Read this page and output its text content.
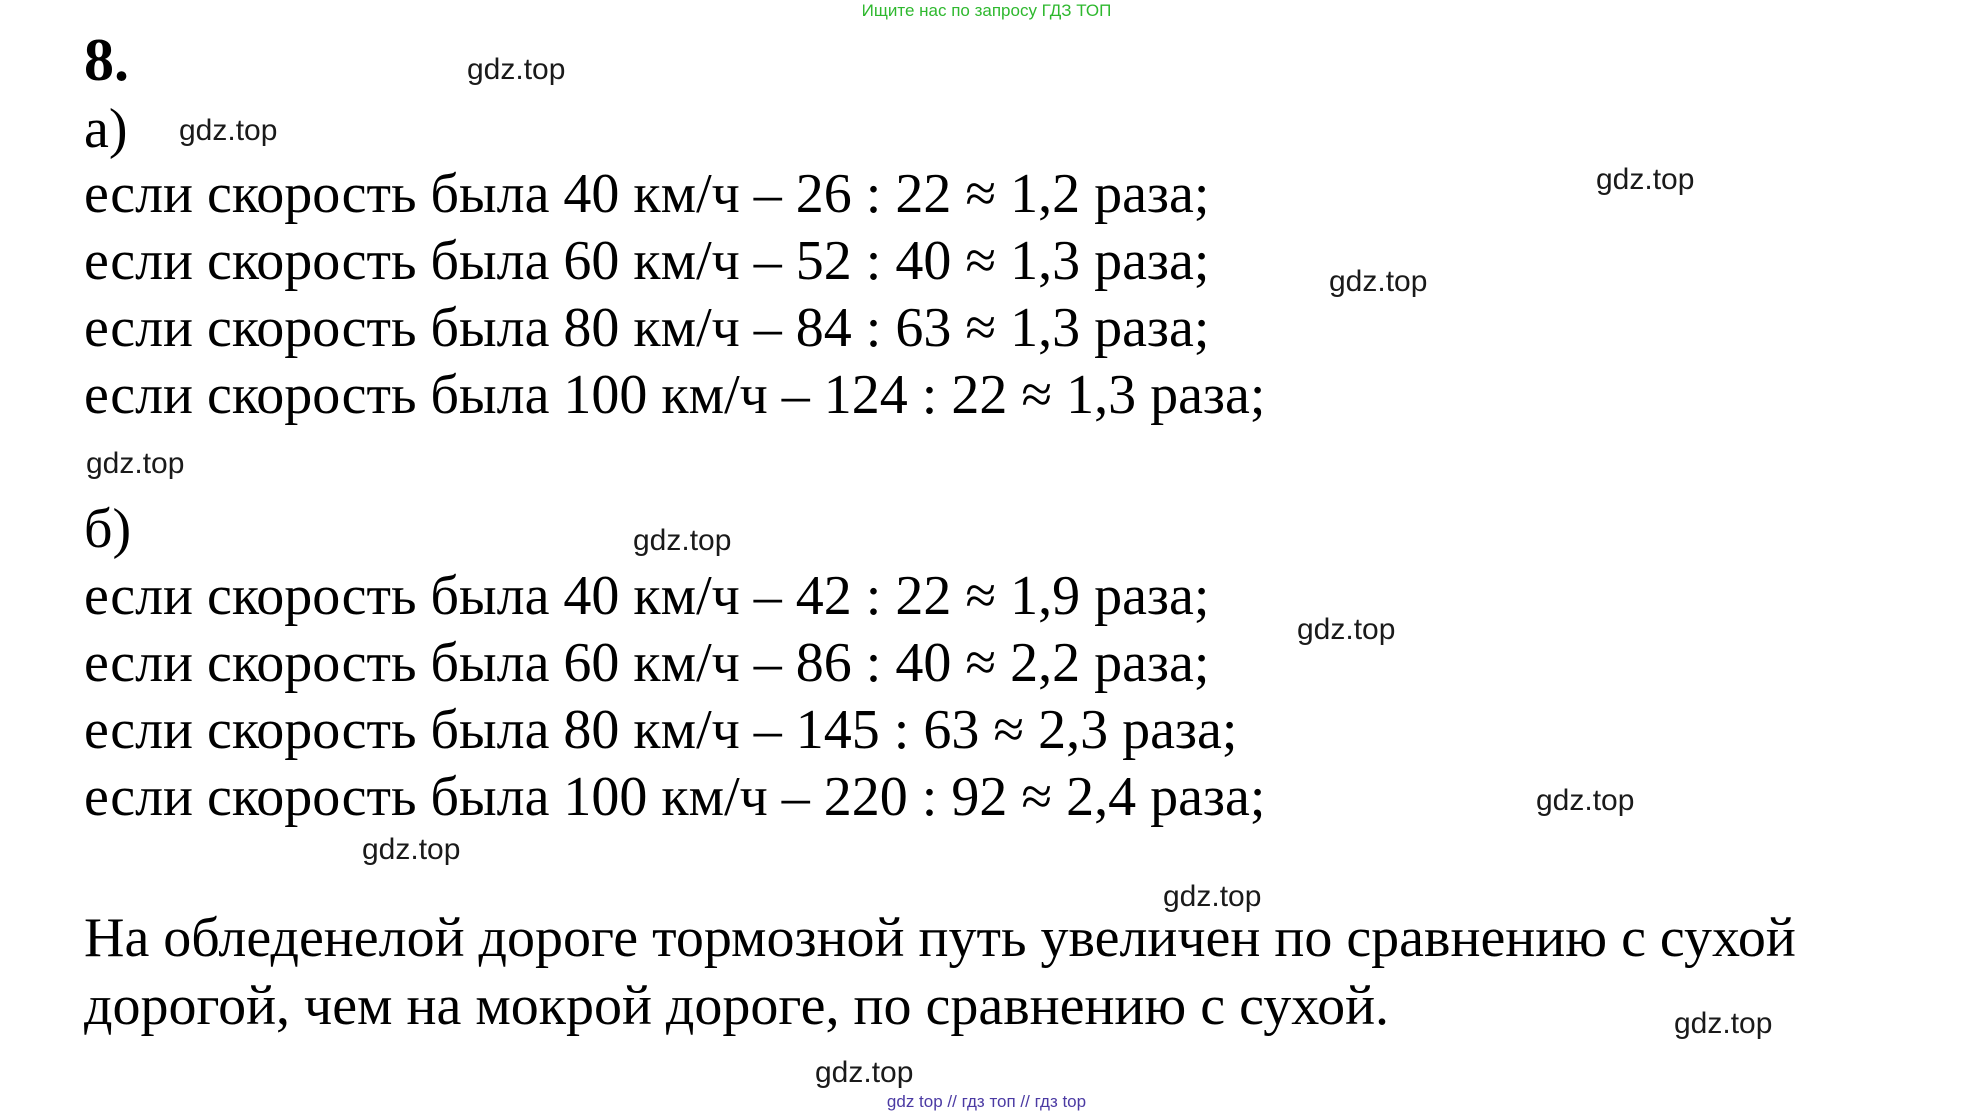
Ищите нас по запросу ГДЗ ТОП
8.
а)
если скорость была 40 км/ч – 26 : 22 ≈ 1,2 раза;
если скорость была 60 км/ч – 52 : 40 ≈ 1,3 раза;
если скорость была 80 км/ч – 84 : 63 ≈ 1,3 раза;
если скорость была 100 км/ч – 124 : 22 ≈ 1,3 раза;
б)
если скорость была 40 км/ч – 42 : 22 ≈ 1,9 раза;
если скорость была 60 км/ч – 86 : 40 ≈ 2,2 раза;
если скорость была 80 км/ч – 145 : 63 ≈ 2,3 раза;
если скорость была 100 км/ч – 220 : 92 ≈ 2,4 раза;
На обледенелой дороге тормозной путь увеличен по сравнению с сухой
дорогой, чем на мокрой дороге, по сравнению с сухой.
gdz.top
gdz.top
gdz.top
gdz.top
gdz.top
gdz.top
gdz.top
gdz.top
gdz.top
gdz.top
gdz.top
gdz.top
gdz top // гдз топ // гдз top
